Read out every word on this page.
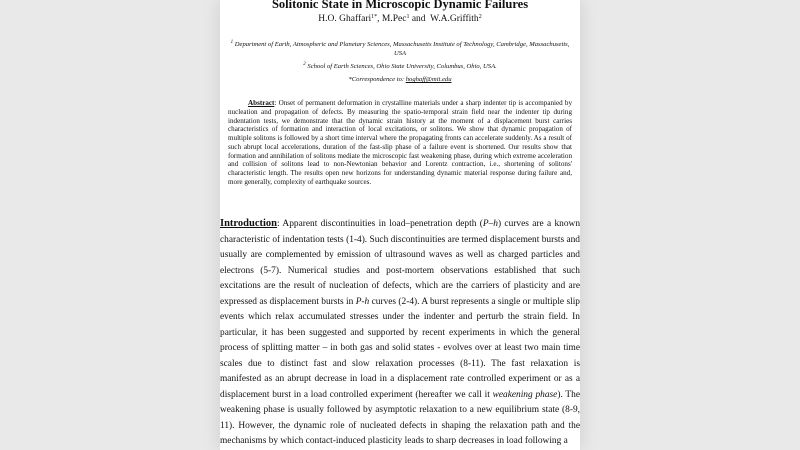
Solitonic State in Microscopic Dynamic Failures
H.O. Ghaffari$^{1*}$, M.Pec$^1$ and  W.A.Griffith$^2$
$^1$ Department of Earth, Atmospheric and Planetary Sciences, Massachusetts Institute of Technology, Cambridge, Massachusetts, USA
$^2$ School of Earth Sciences, Ohio State University, Columbus, Ohio, USA.
*Correspondence to: hoghaff@mit.edu

Abstract: Onset of permanent deformation in crystalline materials under a sharp indenter tip is accompanied by nucleation and propagation of defects. By measuring the spatio-temporal strain field near the indenter tip during indentation tests, we demonstrate that the dynamic strain history at the moment of a displacement burst carries characteristics of formation and interaction of local excitations, or solitons. We show that dynamic propagation of multiple solitons is followed by a short time interval where the propagating fronts can accelerate suddenly. As a result of such abrupt local accelerations, duration of the fast-slip phase of a failure event is shortened. Our results show that formation and annihilation of solitons mediate the microscopic fast weakening phase, during which extreme acceleration and collision of solitons lead to non-Newtonian behavior and Lorentz contraction, i.e., shortening of solitons' characteristic length. The results open new horizons for understanding dynamic material response during failure and, more generally, complexity of earthquake sources.

Introduction: Apparent discontinuities in load–penetration depth (P–h) curves are a known characteristic of indentation tests (1-4). Such discontinuities are termed displacement bursts and usually are complemented by emission of ultrasound waves as well as charged particles and electrons (5-7). Numerical studies and post-mortem observations established that such excitations are the result of nucleation of defects, which are the carriers of plasticity and are expressed as displacement bursts in P-h curves (2-4). A burst represents a single or multiple slip events which relax accumulated stresses under the indenter and perturb the strain field. In particular, it has been suggested and supported by recent experiments in which the general process of splitting matter – in both gas and solid states - evolves over at least two main time scales due to distinct fast and slow relaxation processes (8-11). The fast relaxation is manifested as an abrupt decrease in load in a displacement rate controlled experiment or as a displacement burst in a load controlled experiment (hereafter we call it weakening phase). The weakening phase is usually followed by asymptotic relaxation to a new equilibrium state (8-9, 11). However, the dynamic role of nucleated defects in shaping the relaxation path and the mechanisms by which contact-induced plasticity leads to sharp decreases in load following a
